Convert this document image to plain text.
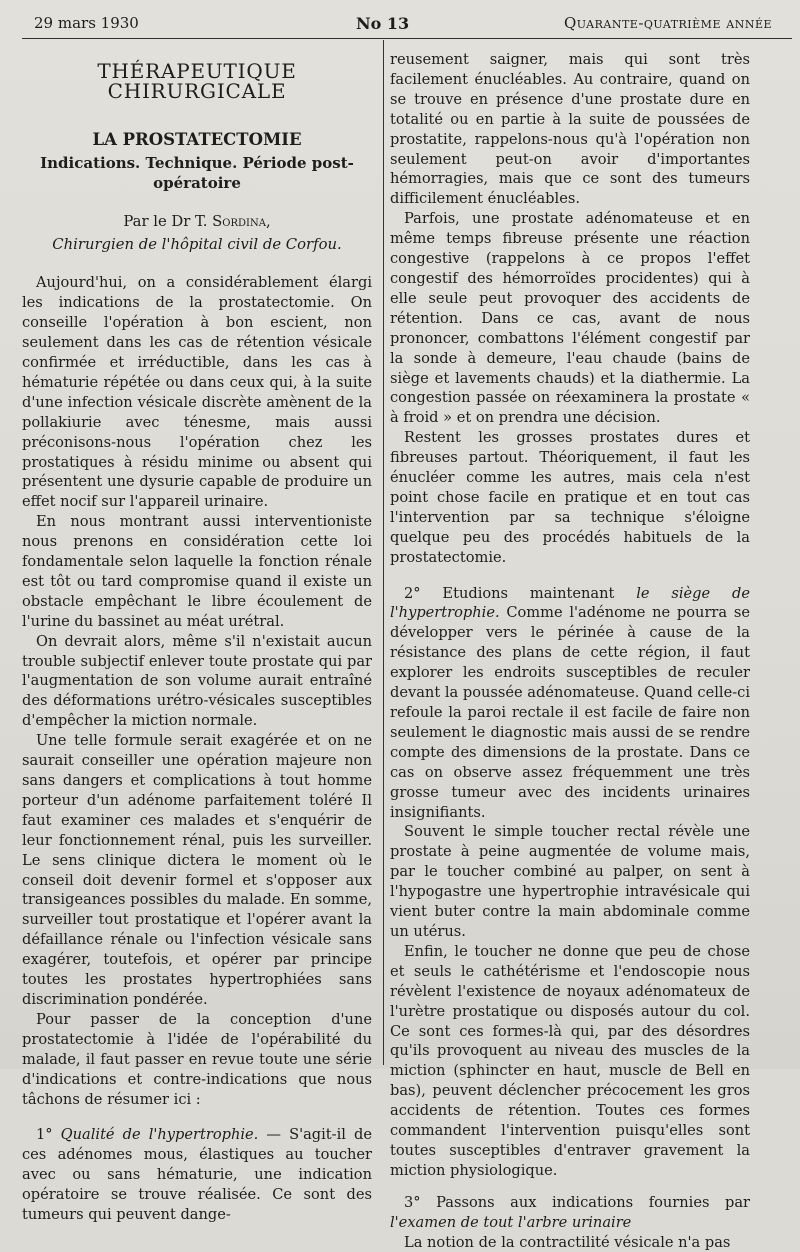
29 mars 1930	No 13	Quarante-quatrième année
THÉRAPEUTIQUE CHIRURGICALE
LA PROSTATECTOMIE
Indications. Technique. Période post-opératoire
Par le Dr T. Sordina,
Chirurgien de l'hôpital civil de Corfou.

Aujourd'hui, on a considérablement élargi les indications de la prostatectomie. On conseille l'opération à bon escient, non seulement dans les cas de rétention vésicale confirmée et irréductible, dans les cas à hématurie répétée ou dans ceux qui, à la suite d'une infection vésicale discrète amènent de la pollakiurie avec ténesme, mais aussi préconisons-nous l'opération chez les prostatiques à résidu minime ou absent qui présentent une dysurie capable de produire un effet nocif sur l'appareil urinaire.

En nous montrant aussi interventioniste nous prenons en considération cette loi fondamentale selon laquelle la fonction rénale est tôt ou tard compromise quand il existe un obstacle empêchant le libre écoulement de l'urine du bassinet au méat urétral.

On devrait alors, même s'il n'existait aucun trouble subjectif enlever toute prostate qui par l'augmentation de son volume aurait entraîné des déformations urétro-vésicales susceptibles d'empêcher la miction normale.

Une telle formule serait exagérée et on ne saurait conseiller une opération majeure non sans dangers et complications à tout homme porteur d'un adénome parfaitement toléré Il faut examiner ces malades et s'enquérir de leur fonctionnement rénal, puis les surveiller. Le sens clinique dictera le moment où le conseil doit devenir formel et s'opposer aux transigeances possibles du malade. En somme, surveiller tout prostatique et l'opérer avant la défaillance rénale ou l'infection vésicale sans exagérer, toutefois, et opérer par principe toutes les prostates hypertrophiées sans discrimination pondérée.

Pour passer de la conception d'une prostatectomie à l'idée de l'opérabilité du malade, il faut passer en revue toute une série d'indications et contre-indications que nous tâchons de résumer ici :

1° Qualité de l'hypertrophie. — S'agit-il de ces adénomes mous, élastiques au toucher avec ou sans hématurie, une indication opératoire se trouve réalisée. Ce sont des tumeurs qui peuvent dange-

reusement saigner, mais qui sont très facilement énucléables. Au contraire, quand on se trouve en présence d'une prostate dure en totalité ou en partie à la suite de poussées de prostatite, rappelons-nous qu'à l'opération non seulement peut-on avoir d'importantes hémorragies, mais que ce sont des tumeurs difficilement énucléables.

Parfois, une prostate adénomateuse et en même temps fibreuse présente une réaction congestive (rappelons à ce propos l'effet congestif des hémorroïdes procidentes) qui à elle seule peut provoquer des accidents de rétention. Dans ce cas, avant de nous prononcer, combattons l'élément congestif par la sonde à demeure, l'eau chaude (bains de siège et lavements chauds) et la diathermie. La congestion passée on réexaminera la prostate « à froid » et on prendra une décision.

Restent les grosses prostates dures et fibreuses partout. Théoriquement, il faut les énucléer comme les autres, mais cela n'est point chose facile en pratique et en tout cas l'intervention par sa technique s'éloigne quelque peu des procédés habituels de la prostatectomie.

2° Etudions maintenant le siège de l'hypertrophie. Comme l'adénome ne pourra se développer vers le périnée à cause de la résistance des plans de cette région, il faut explorer les endroits susceptibles de reculer devant la poussée adénomateuse. Quand celle-ci refoule la paroi rectale il est facile de faire non seulement le diagnostic mais aussi de se rendre compte des dimensions de la prostate. Dans ce cas on observe assez fréquemment une très grosse tumeur avec des incidents urinaires insignifiants.

Souvent le simple toucher rectal révèle une prostate à peine augmentée de volume mais, par le toucher combiné au palper, on sent à l'hypogastre une hypertrophie intravésicale qui vient buter contre la main abdominale comme un utérus.

Enfin, le toucher ne donne que peu de chose et seuls le cathétérisme et l'endoscopie nous révèlent l'existence de noyaux adénomateux de l'urètre prostatique ou disposés autour du col. Ce sont ces formes-là qui, par des désordres qu'ils provoquent au niveau des muscles de la miction (sphincter en haut, muscle de Bell en bas), peuvent déclencher précocement les gros accidents de rétention. Toutes ces formes commandent l'intervention puisqu'elles sont toutes susceptibles d'entraver gravement la miction physiologique.

3° Passons aux indications fournies par l'examen de tout l'arbre urinaire

La notion de la contractilité vésicale n'a pas
